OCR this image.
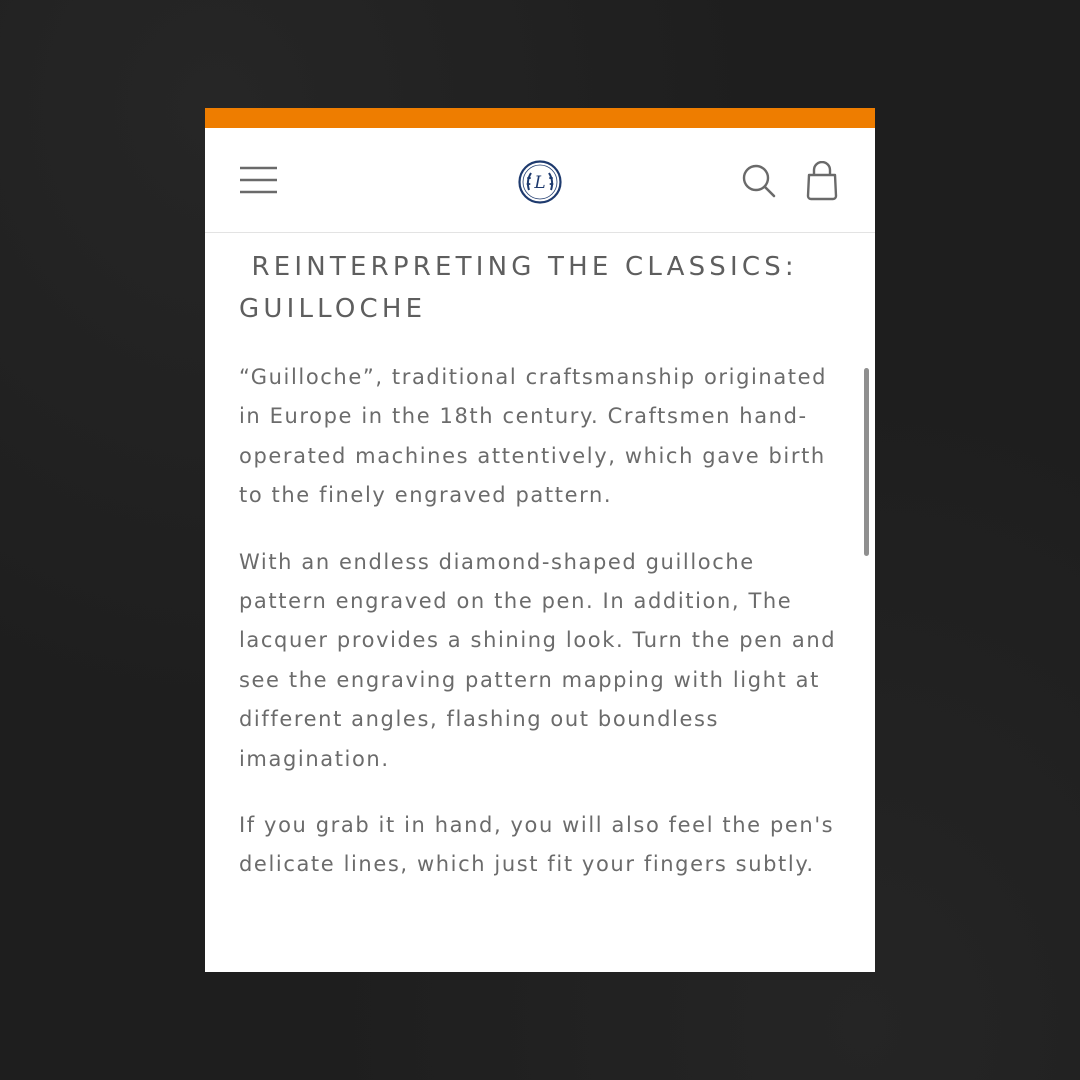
L
REINTERPRETING THE CLASSICS: GUILLOCHE

“Guilloche”, traditional craftsmanship originated in Europe in the 18th century. Craftsmen hand-operated machines attentively, which gave birth to the finely engraved pattern.

With an endless diamond-shaped guilloche pattern engraved on the pen. In addition, The lacquer provides a shining look. Turn the pen and see the engraving pattern mapping with light at different angles, flashing out boundless imagination.

If you grab it in hand, you will also feel the pen's delicate lines, which just fit your fingers subtly.
